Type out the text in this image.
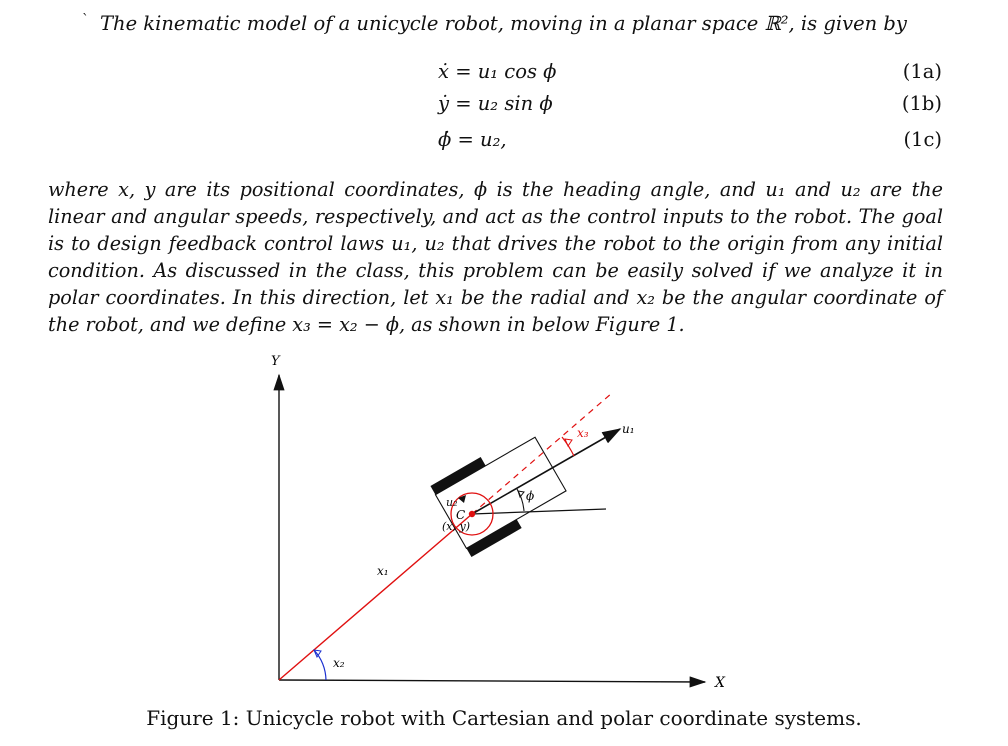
` The kinematic model of a unicycle robot, moving in a planar space ℝ², is given by
ẋ = u₁ cos ϕ	(1a)
ẏ = u₂ sin ϕ	(1b)
ϕ̇ = u₂,	(1c)
where x, y are its positional coordinates, ϕ is the heading angle, and u₁ and u₂ are the linear and angular speeds, respectively, and act as the control inputs to the robot. The goal is to design feedback control laws u₁, u₂ that drives the robot to the origin from any initial condition. As discussed in the class, this problem can be easily solved if we analyze it in polar coordinates. In this direction, let x₁ be the radial and x₂ be the angular coordinate of the robot, and we define x₃ = x₂ − ϕ, as shown in below Figure 1.
Y
X
x₁
x₂
u₁
x₃
ϕ
u₂
C
(x, y)
Figure 1: Unicycle robot with Cartesian and polar coordinate systems.
